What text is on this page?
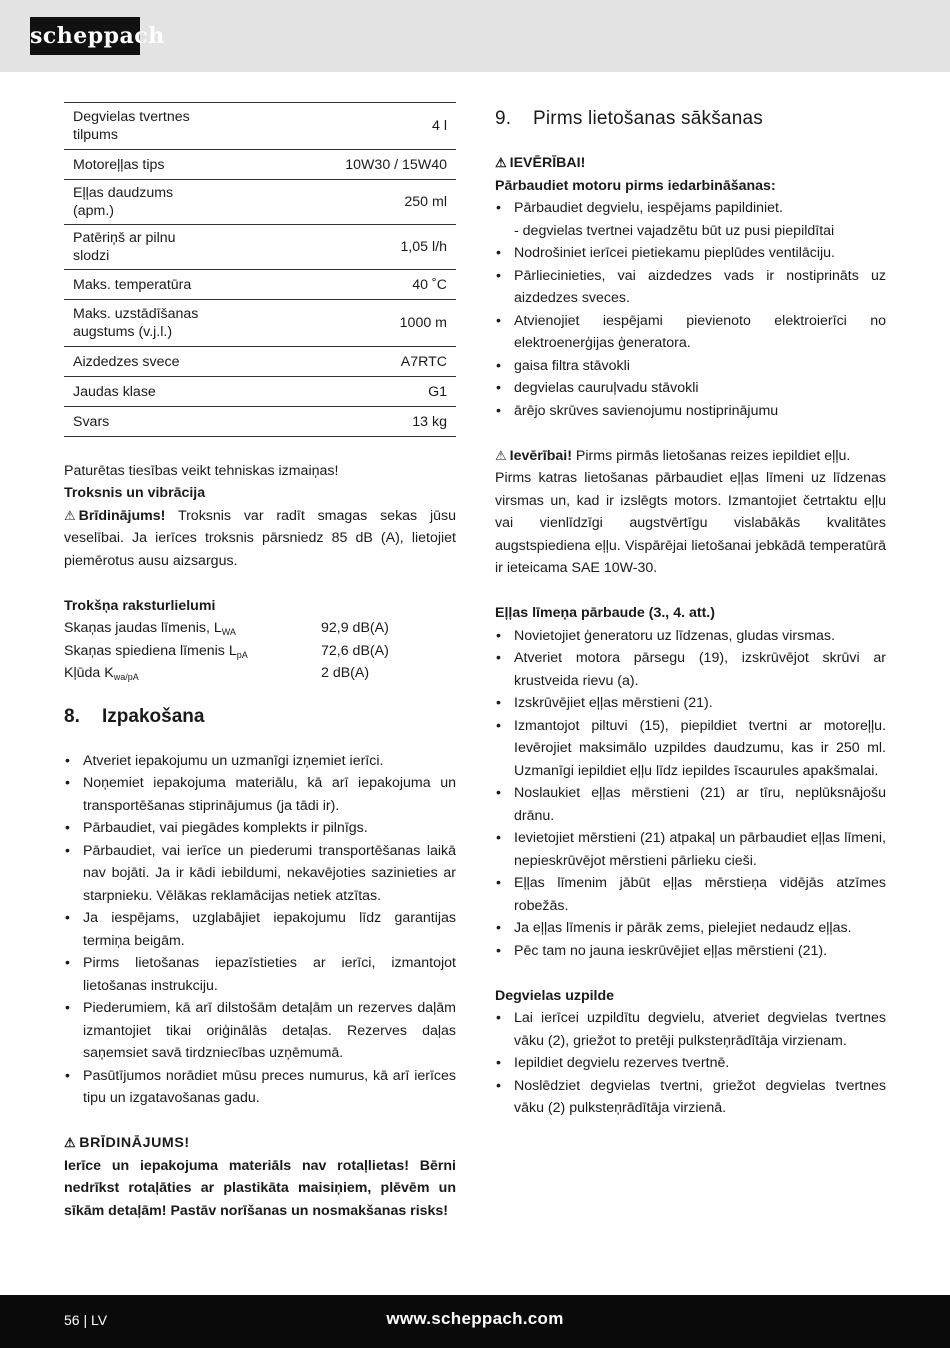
scheppach
Degvielas tvertnes tilpums	4 l
Motoreļļas tips	10W30 / 15W40
Eļļas daudzums (apm.)	250 ml
Patēriņš ar pilnu slodzi	1,05 l/h
Maks. temperatūra	40 ˚C
Maks. uzstādīšanas augstums (v.j.l.)	1000 m
Aizdedzes svece	A7RTC
Jaudas klase	G1
Svars	13 kg

Paturētas tiesības veikt tehniskas izmaiņas!

Troksnis un vibrācija

⚠ Brīdinājums! Troksnis var radīt smagas sekas jūsu veselībai. Ja ierīces troksnis pārsniedz 85 dB (A), lietojiet piemērotus ausu aizsargus.

Trokšņa raksturlielumi

Skaņas jaudas līmenis, $L_{WA}$	92,9 dB(A)
Skaņas spiediena līmenis $L_{pA}$	72,6 dB(A)
Kļūda $K_{wa/pA}$	2 dB(A)
8. Izpakošana
• Atveriet iepakojumu un uzmanīgi izņemiet ierīci.
• Noņemiet iepakojuma materiālu, kā arī iepakojuma un transportēšanas stiprinājumus (ja tādi ir).
• Pārbaudiet, vai piegādes komplekts ir pilnīgs.
• Pārbaudiet, vai ierīce un piederumi transportēšanas laikā nav bojāti. Ja ir kādi iebildumi, nekavējoties sazinieties ar starpnieku. Vēlākas reklamācijas netiek atzītas.
• Ja iespējams, uzglabājiet iepakojumu līdz garantijas termiņa beigām.
• Pirms lietošanas iepazīstieties ar ierīci, izmantojot lietošanas instrukciju.
• Piederumiem, kā arī dilstošām detaļām un rezerves daļām izmantojiet tikai oriģinālās detaļas. Rezerves daļas saņemsiet savā tirdzniecības uzņēmumā.
• Pasūtījumos norādiet mūsu preces numurus, kā arī ierīces tipu un izgatavošanas gadu.

⚠ BRĪDINĀJUMS!

Ierīce un iepakojuma materiāls nav rotaļlietas! Bērni nedrīkst rotaļāties ar plastikāta maisiņiem, plēvēm un sīkām detaļām! Pastāv norīšanas un nosmakšanas risks!

9. Pirms lietošanas sākšanas

⚠ IEVĒRĪBAI!

Pārbaudiet motoru pirms iedarbināšanas:

• Pārbaudiet degvielu, iespējams papildiniet.

- degvielas tvertnei vajadzētu būt uz pusi piepildītai

• Nodrošiniet ierīcei pietiekamu pieplūdes ventilāciju.
• Pārliecinieties, vai aizdedzes vads ir nostiprināts uz aizdedzes sveces.
• Atvienojiet iespējami pievienoto elektroierīci no elektroenerģijas ģeneratora.
• gaisa filtra stāvokli
• degvielas cauruļvadu stāvokli
• ārējo skrūves savienojumu nostiprinājumu

⚠ Ievērībai! Pirms pirmās lietošanas reizes iepildiet eļļu.

Pirms katras lietošanas pārbaudiet eļļas līmeni uz līdzenas virsmas un, kad ir izslēgts motors. Izmantojiet četrtaktu eļļu vai vienlīdzīgi augstvērtīgu vislabākās kvalitātes augstspiediena eļļu. Vispārējai lietošanai jebkādā temperatūrā ir ieteicama SAE 10W-30.

Eļļas līmeņa pārbaude (3., 4. att.)

• Novietojiet ģeneratoru uz līdzenas, gludas virsmas.
• Atveriet motora pārsegu (19), izskrūvējot skrūvi ar krustveida rievu (a).
• Izskrūvējiet eļļas mērstieni (21).
• Izmantojot piltuvi (15), piepildiet tvertni ar motoreļļu. Ievērojiet maksimālo uzpildes daudzumu, kas ir 250 ml. Uzmanīgi iepildiet eļļu līdz iepildes īscaurules apakšmalai.
• Noslaukiet eļļas mērstieni (21) ar tīru, neplūksnājošu drānu.
• Ievietojiet mērstieni (21) atpakaļ un pārbaudiet eļļas līmeni, nepieskrūvējot mērstieni pārlieku cieši.
• Eļļas līmenim jābūt eļļas mērstieņa vidējās atzīmes robežās.
• Ja eļļas līmenis ir pārāk zems, pielejiet nedaudz eļļas.
• Pēc tam no jauna ieskrūvējiet eļļas mērstieni (21).

Degvielas uzpilde

• Lai ierīcei uzpildītu degvielu, atveriet degvielas tvertnes vāku (2), griežot to pretēji pulksteņrādītāja virzienam.
• Iepildiet degvielu rezerves tvertnē.
• Noslēdziet degvielas tvertni, griežot degvielas tvertnes vāku (2) pulksteņrādītāja virzienā.
56 | LV	www.scheppach.com
